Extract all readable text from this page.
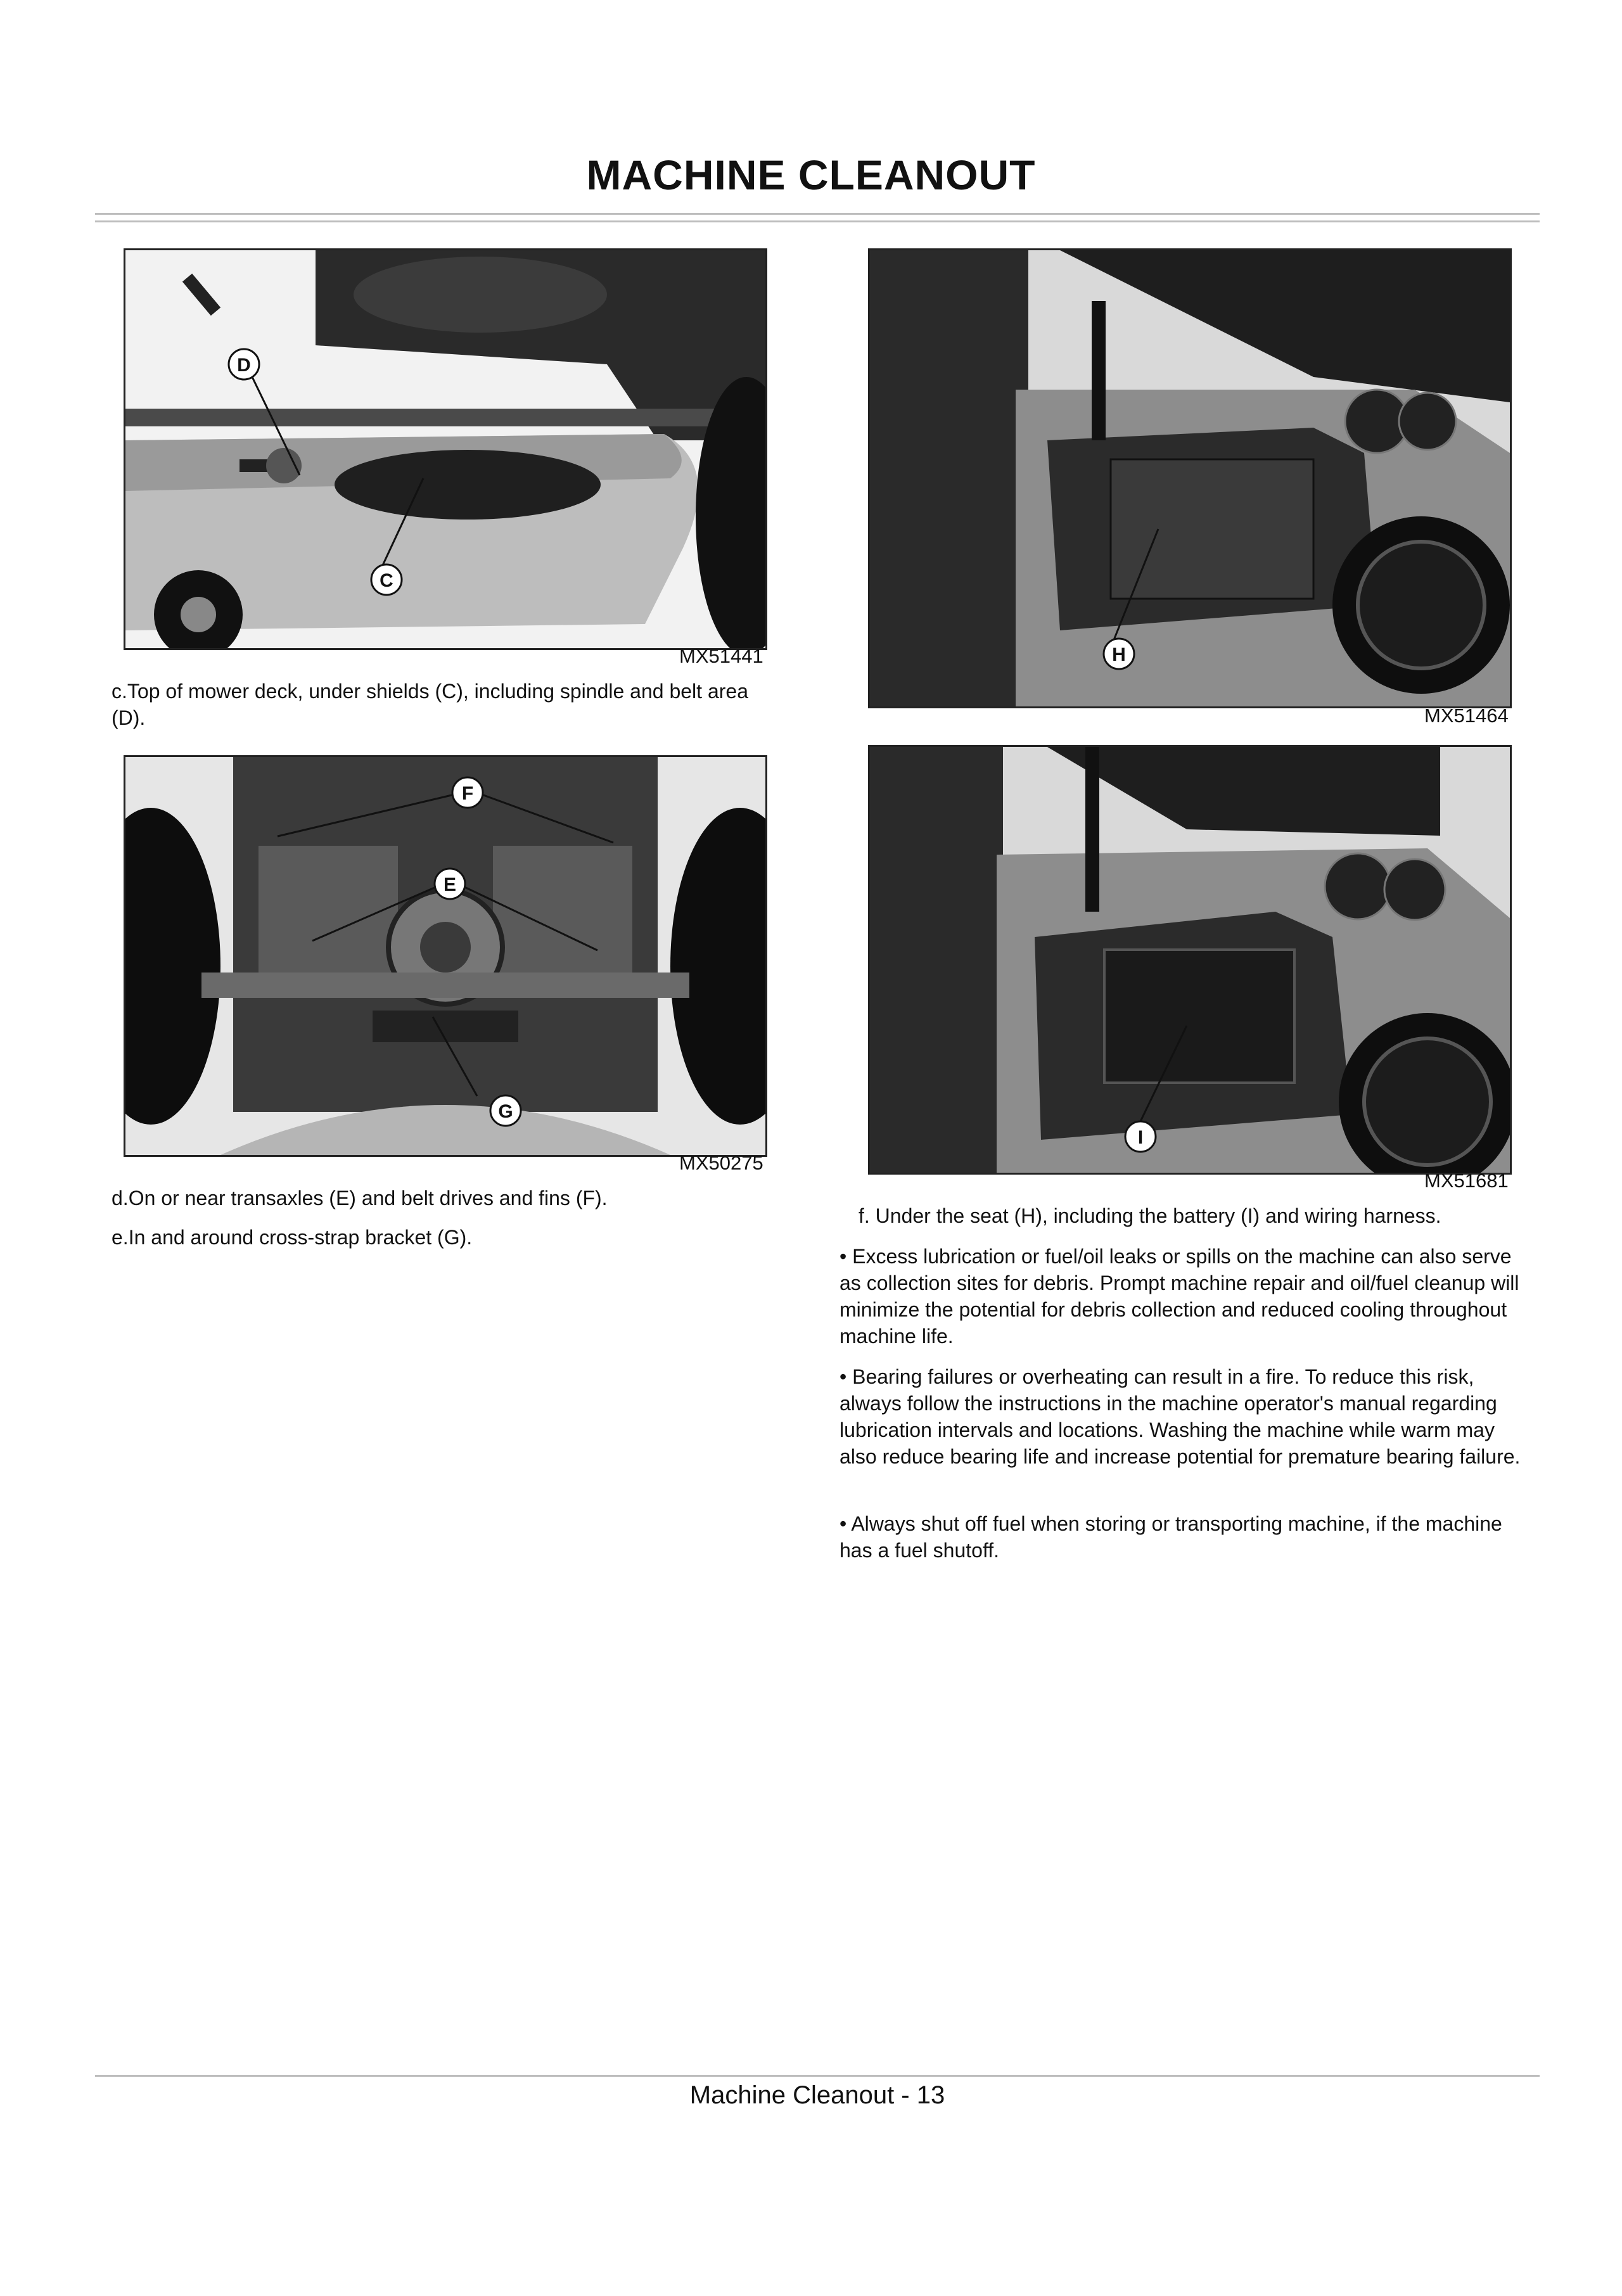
MACHINE CLEANOUT
D
C
MX51441
c.Top of mower deck, under shields (C), including spindle and belt area (D).
H
MX51464
F
E
G
MX50275
d.On or near transaxles (E) and belt drives and fins (F).
e.In and around cross-strap bracket (G).
I
MX51681
f. Under the seat (H), including the battery (I) and wiring harness.
• Excess lubrication or fuel/oil leaks or spills on the machine can also serve as collection sites for debris. Prompt machine repair and oil/fuel cleanup will minimize the potential for debris collection and reduced cooling throughout machine life.
• Bearing failures or overheating can result in a fire. To reduce this risk, always follow the instructions in the machine operator's manual regarding lubrication intervals and locations. Washing the machine while warm may also reduce bearing life and increase potential for premature bearing failure.
• Always shut off fuel when storing or transporting machine, if the machine has a fuel shutoff.
Machine Cleanout - 13
